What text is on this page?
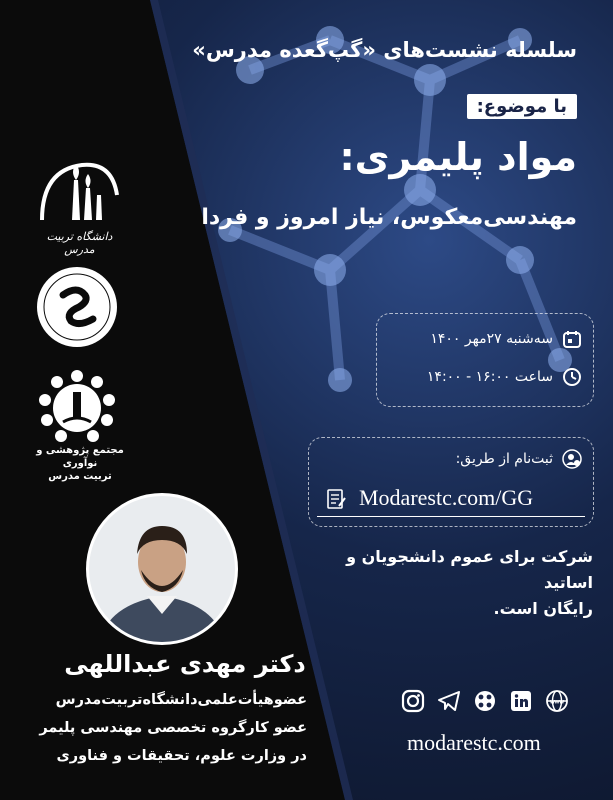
سلسله نشست‌های «گپ‌گعده مدرس»
با موضوع:
مواد پلیمری:
مهندسی‌معکوس، نیاز امروز و فردا
سه‌شنبه ۲۷مهر ۱۴۰۰
ساعت ۱۶:۰۰ - ۱۴:۰۰
ثبت‌نام از طریق:
Modarestc.com/GG
شرکت برای عموم دانشجویان و اساتید
رایگان است.
www
modarestc.com
دانشگاه تربیت مدرس
مجتمع پژوهشی و نوآوری
تربیت مدرس
دکتر مهدی عبداللهی
عضوهیأت‌علمی‌دانشگاه‌تربیت‌مدرس
عضو کارگروه تخصصی مهندسی پلیمر
در وزارت علوم، تحقیقات و فناوری
